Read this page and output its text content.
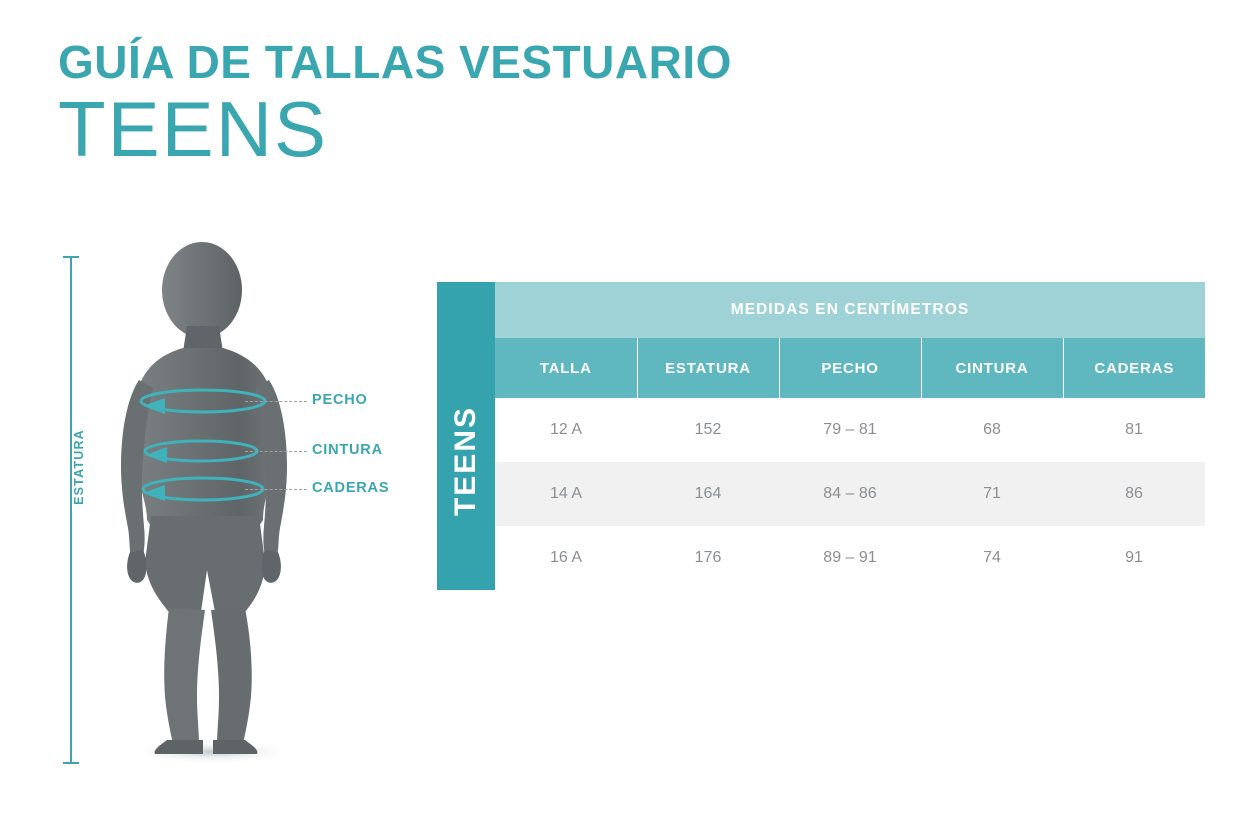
GUÍA DE TALLAS VESTUARIO
TEENS
ESTATURA
PECHO
CINTURA
CADERAS
	MEDIDAS EN CENTÍMETROS				
TEENS	TALLA	ESTATURA	PECHO	CINTURA	CADERAS
	12 A	152	79 – 81	68	81
	14 A	164	84 – 86	71	86
	16 A	176	89 – 91	74	91
